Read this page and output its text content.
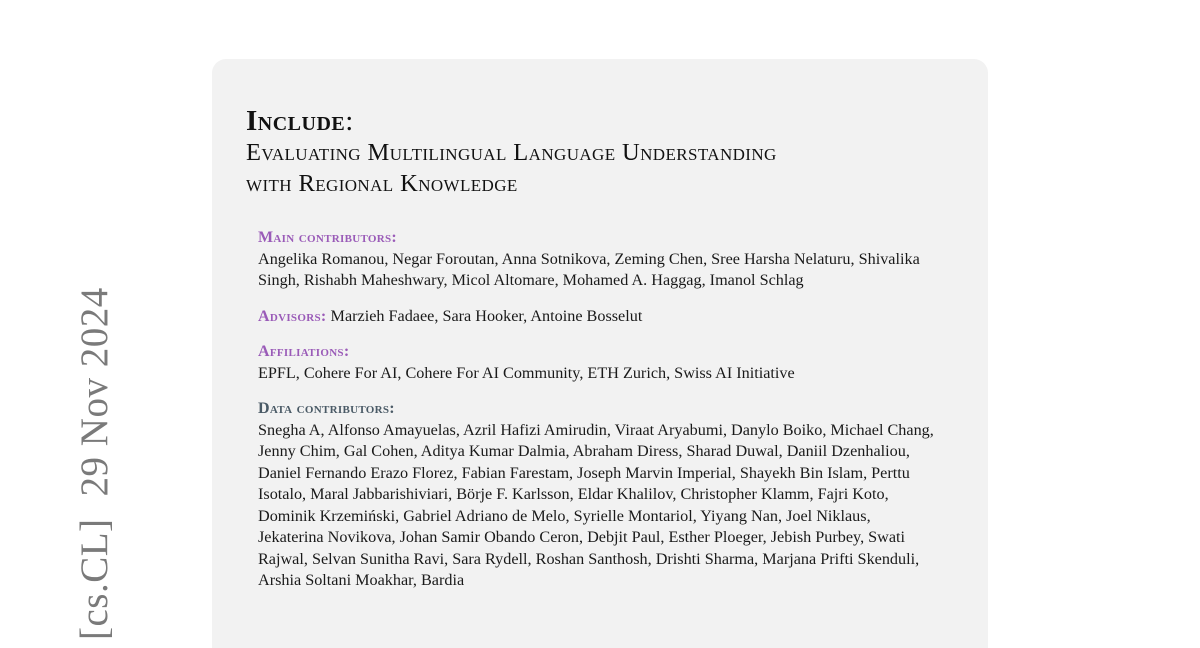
[cs.CL]29 Nov 2024
Include:
Evaluating Multilingual Language Understanding
with Regional Knowledge
Main contributors:
Angelika Romanou, Negar Foroutan, Anna Sotnikova, Zeming Chen, Sree Harsha Nelaturu, Shivalika Singh, Rishabh Maheshwary, Micol Altomare, Mohamed A. Haggag, Imanol Schlag
Advisors: Marzieh Fadaee, Sara Hooker, Antoine Bosselut
Affiliations:
EPFL, Cohere For AI, Cohere For AI Community, ETH Zurich, Swiss AI Initiative
Data contributors:
Snegha A, Alfonso Amayuelas, Azril Hafizi Amirudin, Viraat Aryabumi, Danylo Boiko, Michael Chang, Jenny Chim, Gal Cohen, Aditya Kumar Dalmia, Abraham Diress, Sharad Duwal, Daniil Dzenhaliou, Daniel Fernando Erazo Florez, Fabian Farestam, Joseph Marvin Imperial, Shayekh Bin Islam, Perttu Isotalo, Maral Jabbarishiviari, Börje F. Karlsson, Eldar Khalilov, Christopher Klamm, Fajri Koto, Dominik Krzemiński, Gabriel Adriano de Melo, Syrielle Montariol, Yiyang Nan, Joel Niklaus, Jekaterina Novikova, Johan Samir Obando Ceron, Debjit Paul, Esther Ploeger, Jebish Purbey, Swati Rajwal, Selvan Sunitha Ravi, Sara Rydell, Roshan Santhosh, Drishti Sharma, Marjana Prifti Skenduli, Arshia Soltani Moakhar, Bardia
